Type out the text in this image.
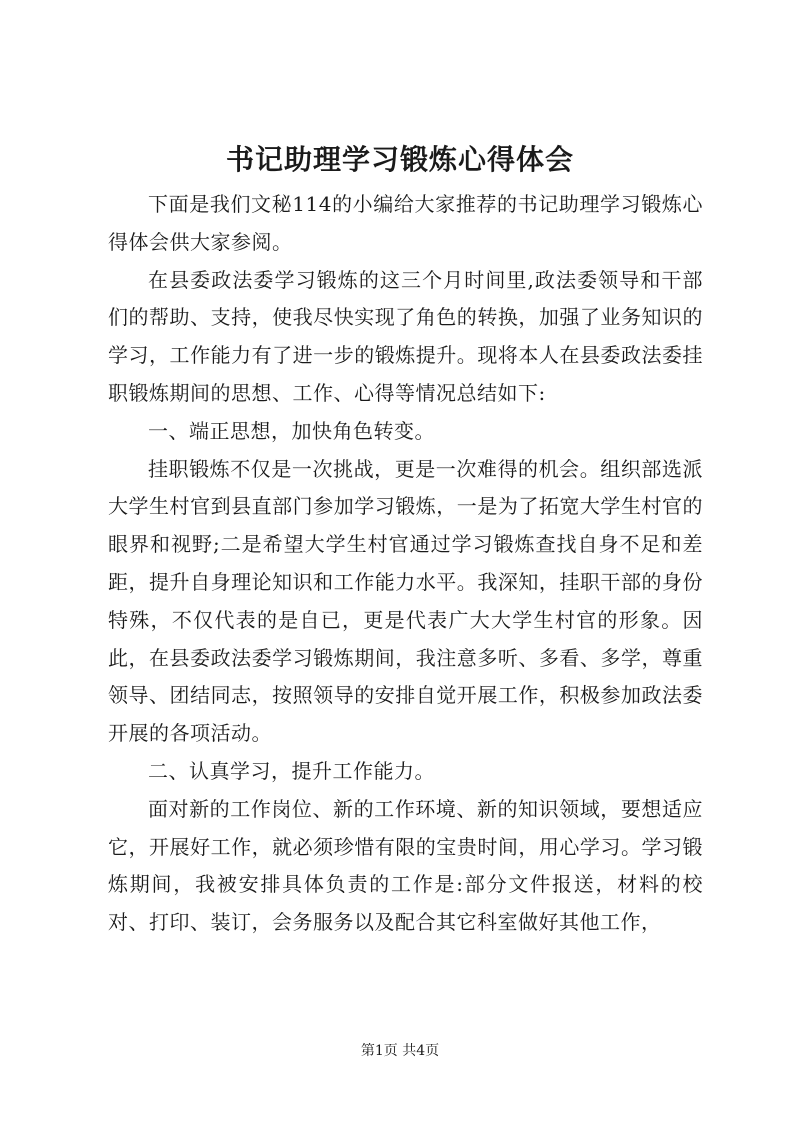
书记助理学习锻炼心得体会

下面是我们文秘114的小编给大家推荐的书记助理学习锻炼心得体会供大家参阅。

在县委政法委学习锻炼的这三个月时间里,政法委领导和干部们的帮助、支持，使我尽快实现了角色的转换，加强了业务知识的学习，工作能力有了进一步的锻炼提升。现将本人在县委政法委挂职锻炼期间的思想、工作、心得等情况总结如下:

一、端正思想，加快角色转变。

挂职锻炼不仅是一次挑战，更是一次难得的机会。组织部选派大学生村官到县直部门参加学习锻炼，一是为了拓宽大学生村官的眼界和视野;二是希望大学生村官通过学习锻炼查找自身不足和差距，提升自身理论知识和工作能力水平。我深知，挂职干部的身份特殊，不仅代表的是自已，更是代表广大大学生村官的形象。因此，在县委政法委学习锻炼期间，我注意多听、多看、多学，尊重领导、团结同志，按照领导的安排自觉开展工作，积极参加政法委开展的各项活动。

二、认真学习，提升工作能力。

面对新的工作岗位、新的工作环境、新的知识领域，要想适应它，开展好工作，就必须珍惜有限的宝贵时间，用心学习。学习锻炼期间，我被安排具体负责的工作是:部分文件报送，材料的校对、打印、装订，会务服务以及配合其它科室做好其他工作，

第1页 共4页
